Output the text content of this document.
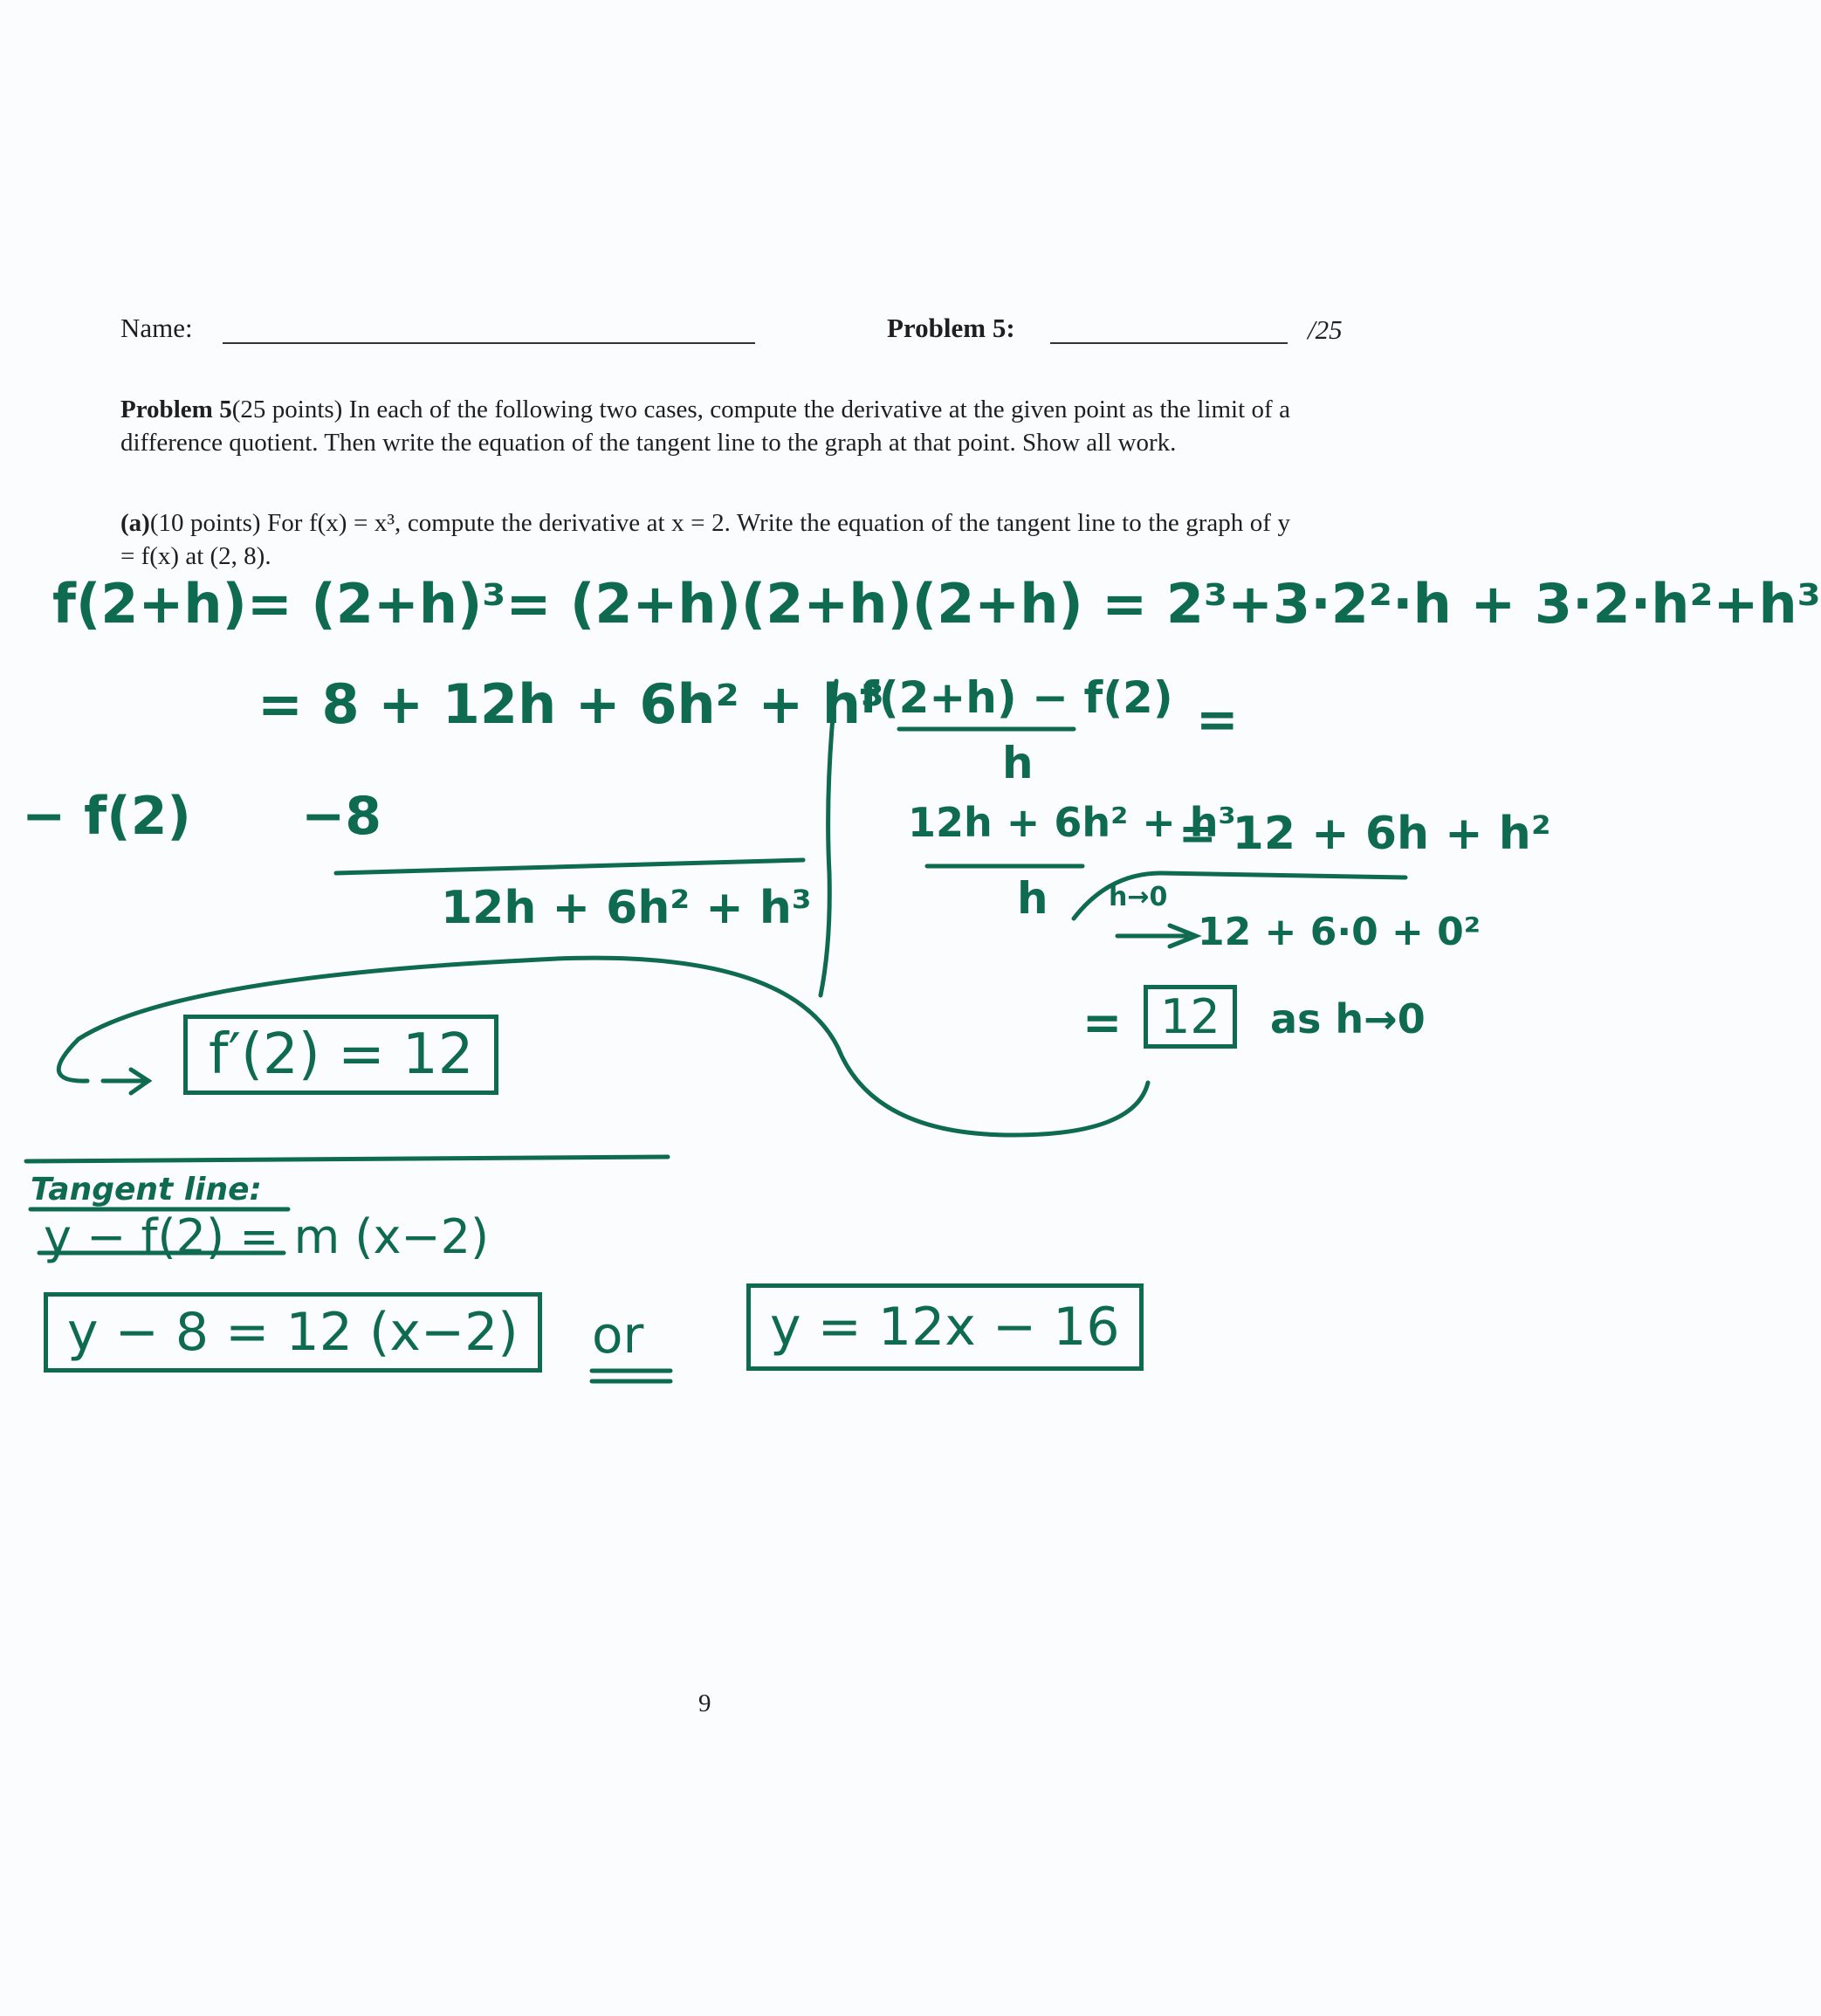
Name:	Problem 5:	/25
Problem 5(25 points) In each of the following two cases, compute the derivative at the given point as the limit of a difference quotient. Then write the equation of the tangent line to the graph at that point. Show all work.
(a)(10 points) For f(x) = x³, compute the derivative at x = 2. Write the equation of the tangent line to the graph of y = f(x) at (2, 8).
f(2+h)= (2+h)³= (2+h)(2+h)(2+h) = 2³+3·2²·h + 3·2·h²+h³
= 8 + 12h + 6h² + h³
− f(2) −8
12h + 6h² + h³
f(2+h) − f(2)
h
=
12h + 6h² + h³
h
= 12 + 6h + h²
h→0
12 + 6·0 + 0²
= 12	as h→0
f′(2) = 12
Tangent line:
y − f(2) = m (x−2)
y − 8 = 12 (x−2)	or	y = 12x − 16
9
